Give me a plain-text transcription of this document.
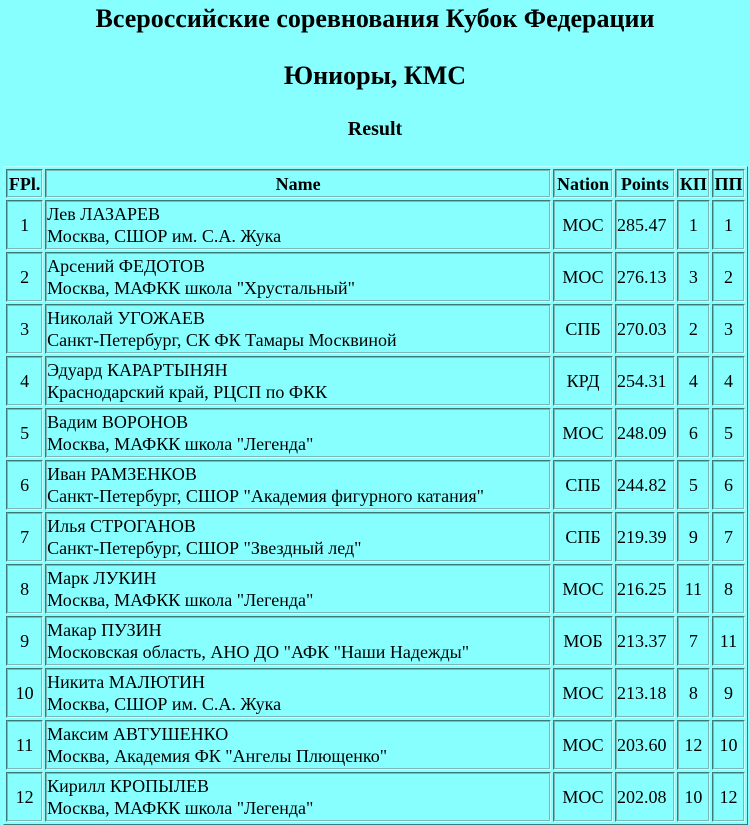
Всероссийские соревнования Кубок Федерации
Юниоры, КМС
Result
FPl.	Name	Nation	Points	КП	ПП
1	Лев ЛАЗАРЕВ
Москва, СШОР им. С.А. Жука	МОС	285.47	1	1
2	Арсений ФЕДОТОВ
Москва, МАФКК школа "Хрустальный"	МОС	276.13	3	2
3	Николай УГОЖАЕВ
Санкт-Петербург, СК ФК Тамары Москвиной	СПБ	270.03	2	3
4	Эдуард КАРАРТЫНЯН
Краснодарский край, РЦСП по ФКК	КРД	254.31	4	4
5	Вадим ВОРОНОВ
Москва, МАФКК школа "Легенда"	МОС	248.09	6	5
6	Иван РАМЗЕНКОВ
Санкт-Петербург, СШОР "Академия фигурного катания"	СПБ	244.82	5	6
7	Илья СТРОГАНОВ
Санкт-Петербург, СШОР "Звездный лед"	СПБ	219.39	9	7
8	Марк ЛУКИН
Москва, МАФКК школа "Легенда"	МОС	216.25	11	8
9	Макар ПУЗИН
Московская область, АНО ДО "АФК "Наши Надежды"	МОБ	213.37	7	11
10	Никита МАЛЮТИН
Москва, СШОР им. С.А. Жука	МОС	213.18	8	9
11	Максим АВТУШЕНКО
Москва, Академия ФК "Ангелы Плющенко"	МОС	203.60	12	10
12	Кирилл КРОПЫЛЕВ
Москва, МАФКК школа "Легенда"	МОС	202.08	10	12
